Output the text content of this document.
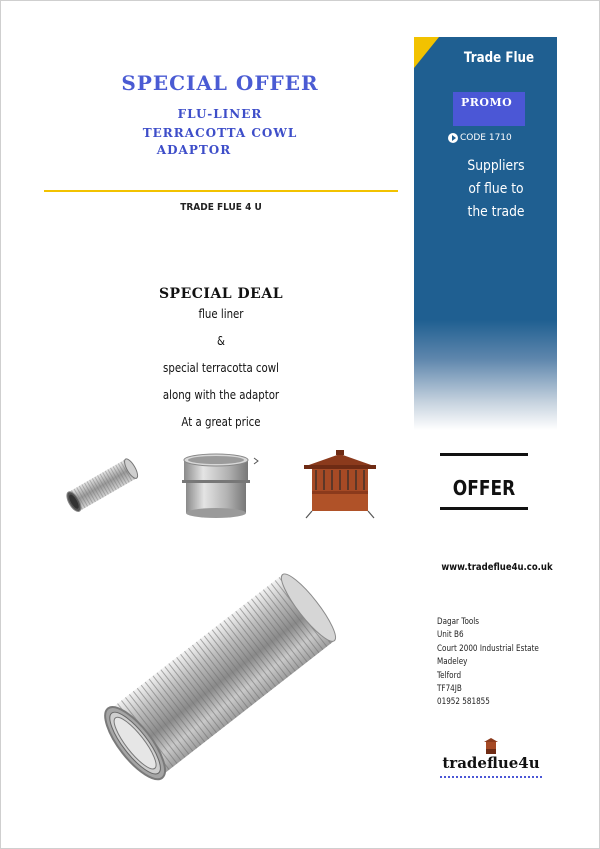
SPECIAL OFFER
FLU-LINER
TERRACOTTA COWL
ADAPTOR
TRADE FLUE 4 U
SPECIAL DEAL
flue liner
&
special terracotta cowl
along with the adaptor
At a great price
Trade Flue
PROMO
CODE 1710
Suppliers of flue to the trade
OFFER
www.tradeflue4u.co.uk
Dagar Tools
Unit B6
Court 2000 Industrial Estate
Madeley
Telford
TF74JB
01952 581855
tradeflue4u
